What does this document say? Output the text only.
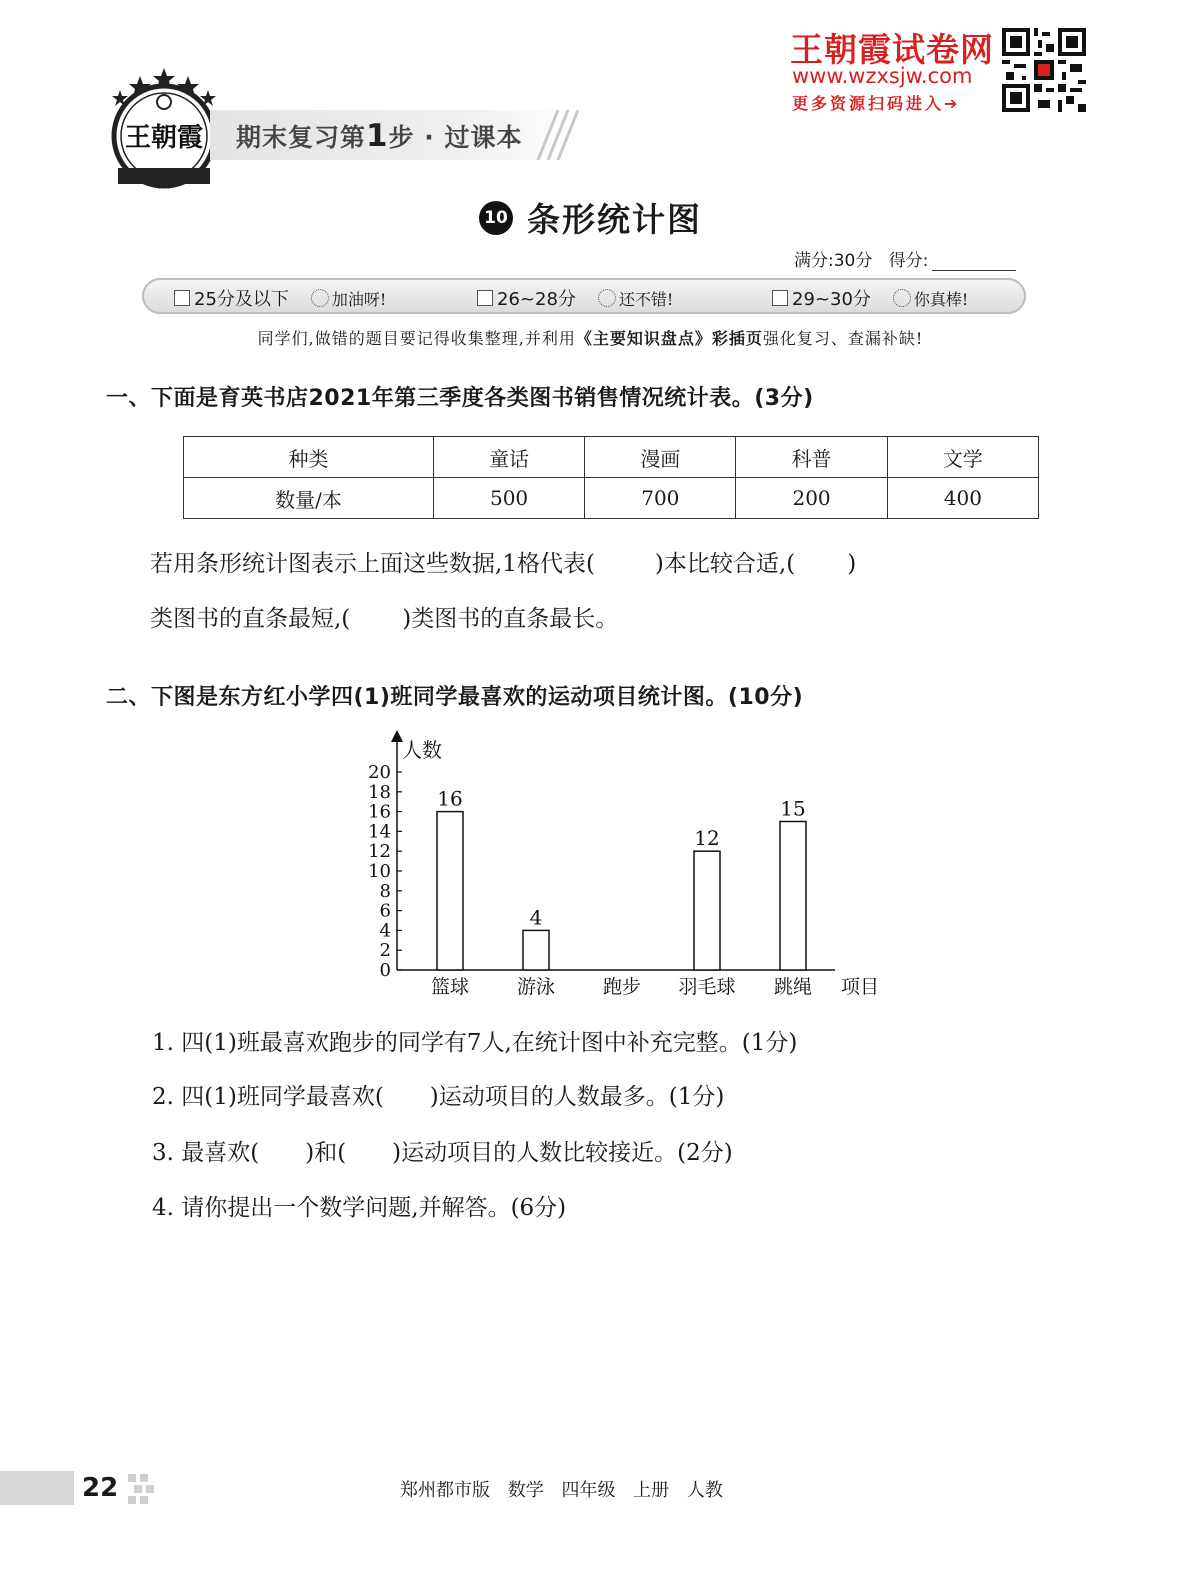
王朝霞 期末复习第1步 · 过课本
王朝霞试卷网
www.wzxsjw.com
更多资源扫码进入➔
10 条形统计图
满分:30分 得分:
25分及以下	加油呀!	26~28分	还不错!	29~30分	你真棒!
同学们,做错的题目要记得收集整理,并利用《主要知识盘点》彩插页强化复习、查漏补缺!
一、下面是育英书店2021年第三季度各类图书销售情况统计表。(3分)
种类	童话	漫画	科普	文学
数量/本	500	700	200	400
若用条形统计图表示上面这些数据,1格代表(	)本比较合适,( )
类图书的直条最短,( )类图书的直条最长。
二、下图是东方红小学四(1)班同学最喜欢的运动项目统计图。(10分)
人数
项目
0
2
4
6
8
10
12
14
16
18
20
16
篮球
4
游泳	跑步
12
羽毛球
15
跳绳
1. 四(1)班最喜欢跑步的同学有7人,在统计图中补充完整。(1分)
2. 四(1)班同学最喜欢(　　)运动项目的人数最多。(1分)
3. 最喜欢(　　)和(　　)运动项目的人数比较接近。(2分)
4. 请你提出一个数学问题,并解答。(6分)
22	郑州都市版 数学 四年级 上册 人教
